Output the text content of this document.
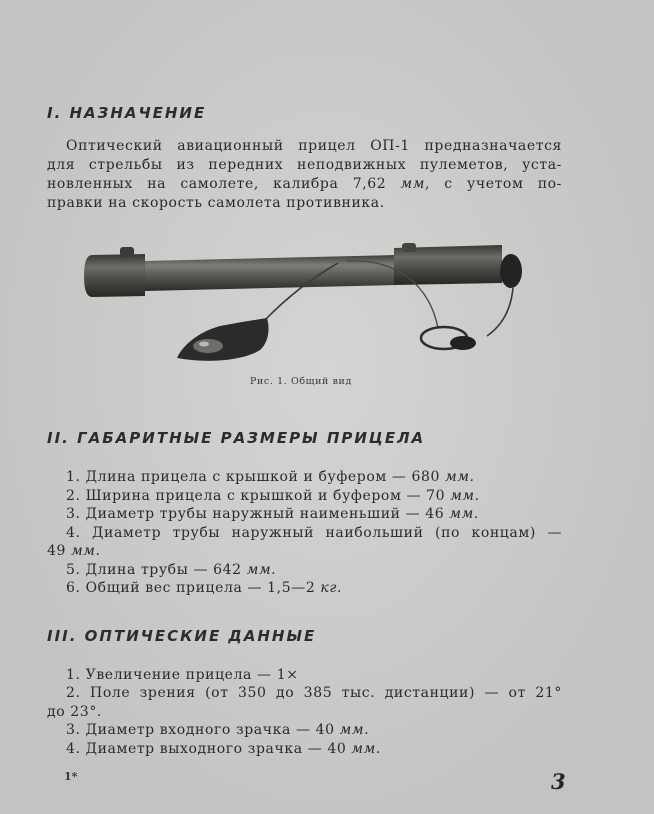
I. НАЗНАЧЕНИЕ
Оптический авиационный прицел ОП-1 предназначается
для стрельбы из передних неподвижных пулеметов, уста-
новленных на самолете, калибра 7,62 мм, с учетом по-
правки на скорость самолета противника.
Рис. 1. Общий вид
II. ГАБАРИТНЫЕ РАЗМЕРЫ ПРИЦЕЛА
1. Длина прицела с крышкой и буфером — 680 мм.
2. Ширина прицела с крышкой и буфером — 70 мм.
3. Диаметр трубы наружный наименьший — 46 мм.
4. Диаметр трубы наружный наибольший (по концам) —
49 мм.
5. Длина трубы — 642 мм.
6. Общий вес прицела — 1,5—2 кг.
III. ОПТИЧЕСКИЕ ДАННЫЕ
1. Увеличение прицела — 1×
2. Поле зрения (от 350 до 385 тыс. дистанции) — от 21°
до 23°.
3. Диаметр входного зрачка — 40 мм.
4. Диаметр выходного зрачка — 40 мм.
1*	3
